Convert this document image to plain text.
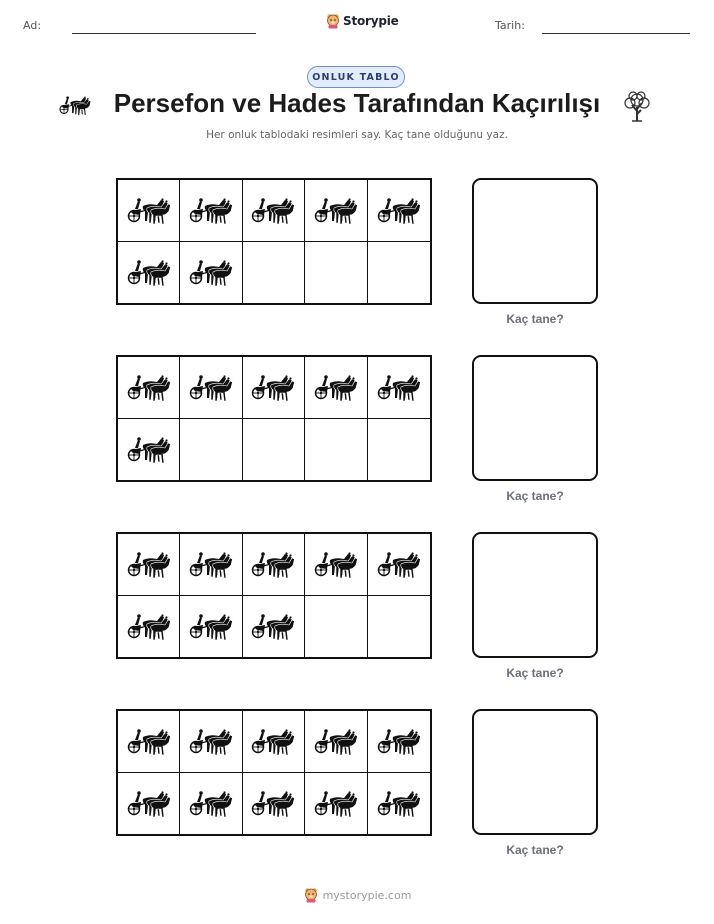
Ad:	Storypie	Tarih:
ONLUK TABLO
Persefon ve Hades Tarafından Kaçırılışı
Her onluk tablodaki resimleri say. Kaç tane olduğunu yaz.
Kaç tane?
Kaç tane?
Kaç tane?
Kaç tane?
mystorypie.com
